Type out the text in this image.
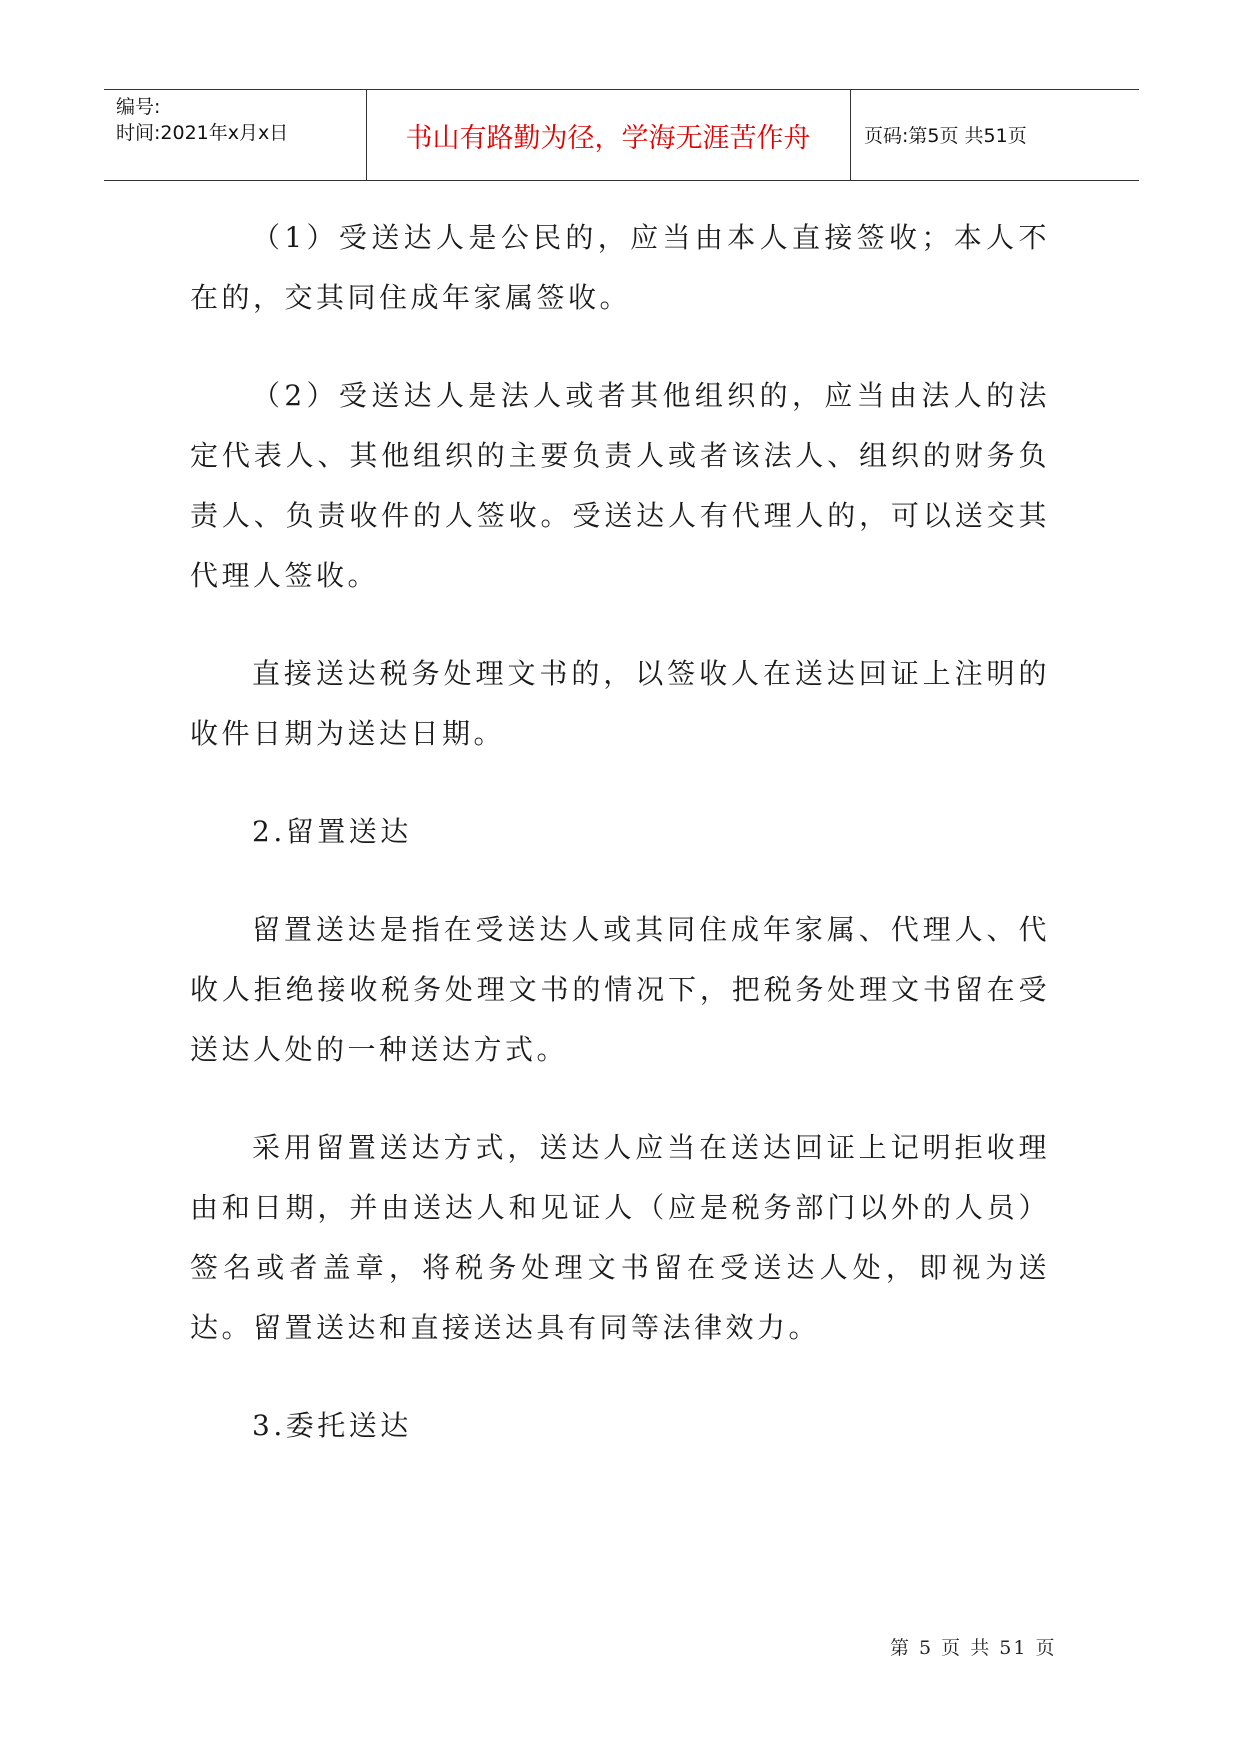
编号:
时间:2021年x月x日	书山有路勤为径，学海无涯苦作舟	页码:第5页 共51页

（1）受送达人是公民的，应当由本人直接签收；本人不在的，交其同住成年家属签收。

（2）受送达人是法人或者其他组织的，应当由法人的法定代表人、其他组织的主要负责人或者该法人、组织的财务负责人、负责收件的人签收。受送达人有代理人的，可以送交其代理人签收。

直接送达税务处理文书的，以签收人在送达回证上注明的收件日期为送达日期。

2.留置送达

留置送达是指在受送达人或其同住成年家属、代理人、代收人拒绝接收税务处理文书的情况下，把税务处理文书留在受送达人处的一种送达方式。

采用留置送达方式，送达人应当在送达回证上记明拒收理由和日期，并由送达人和见证人（应是税务部门以外的人员）签名或者盖章，将税务处理文书留在受送达人处，即视为送达。留置送达和直接送达具有同等法律效力。

3.委托送达

第 5 页 共 51 页
